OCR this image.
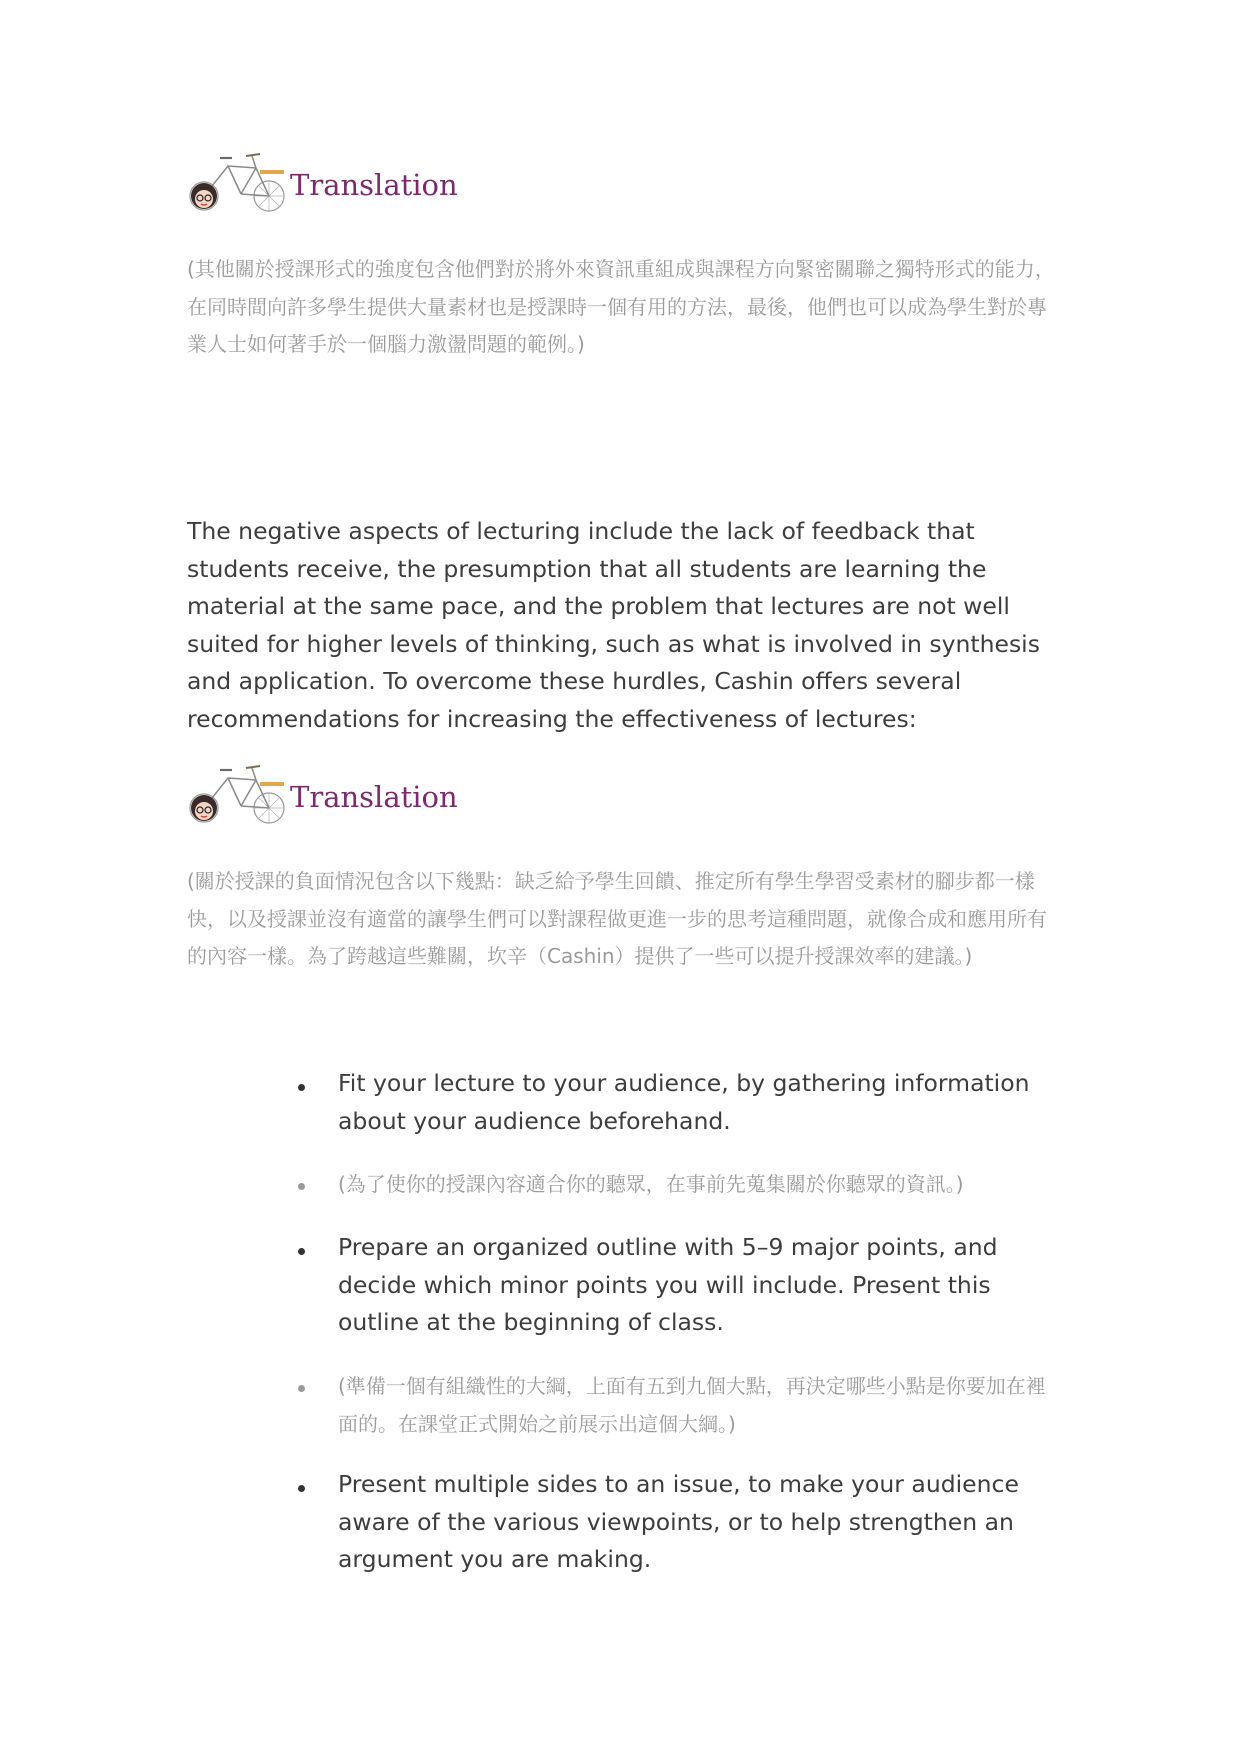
Translation
(其他關於授課形式的強度包含他們對於將外來資訊重組成與課程方向緊密關聯之獨特形式的能力，在同時間向許多學生提供大量素材也是授課時一個有用的方法，最後，他們也可以成為學生對於專業人士如何著手於一個腦力激盪問題的範例。)
The negative aspects of lecturing include the lack of feedback that students receive, the presumption that all students are learning the material at the same pace, and the problem that lectures are not well suited for higher levels of thinking, such as what is involved in synthesis and application. To overcome these hurdles, Cashin offers several recommendations for increasing the effectiveness of lectures:
Translation
(關於授課的負面情況包含以下幾點：缺乏給予學生回饋、推定所有學生學習受素材的腳步都一樣快，以及授課並沒有適當的讓學生們可以對課程做更進一步的思考這種問題，就像合成和應用所有的內容一樣。為了跨越這些難關，坎辛（Cashin）提供了一些可以提升授課效率的建議。)
Fit your lecture to your audience, by gathering information about your audience beforehand.
(為了使你的授課內容適合你的聽眾，在事前先蒐集關於你聽眾的資訊。)
Prepare an organized outline with 5–9 major points, and decide which minor points you will include. Present this outline at the beginning of class.
(準備一個有組織性的大綱，上面有五到九個大點，再決定哪些小點是你要加在裡面的。在課堂正式開始之前展示出這個大綱。)
Present multiple sides to an issue, to make your audience aware of the various viewpoints, or to help strengthen an argument you are making.
